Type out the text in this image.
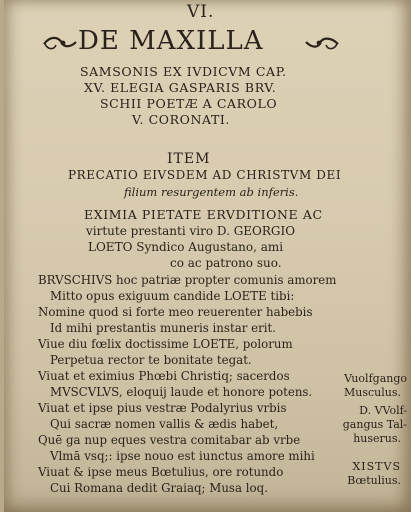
VI.
DE MAXILLA
SAMSONIS EX IVDICVM CAP.
XV. ELEGIA GASPARIS BRV.
SCHII POETÆ A CAROLO
V. CORONATI.
ITEM
PRECATIO EIVSDEM AD CHRISTVM DEI
filium resurgentem ab inferis.
EXIMIA PIETATE ERVDITIONE AC
virtute prestanti viro D. GEORGIO
LOETO Syndico Augustano, ami
co ac patrono suo.
BRVSCHIVS hoc patriæ propter comunis amorem
Mitto opus exiguum candide LOETE tibi:
Nomine quod si forte meo reuerenter habebis
Id mihi prestantis muneris instar erit.
Viue diu fœlix doctissime LOETE, polorum
Perpetua rector te bonitate tegat.
Viuat et eximius Phœbi Christiq; sacerdos
MVSCVLVS, eloquij laude et honore potens.
Viuat et ipse pius vestræ Podalyrius vrbis
Qui sacræ nomen vallis & ædis habet,
Quē ga nup eques vestra comitabar ab vrbe
Vlmā vsq;: ipse nouo est iunctus amore mihi
Viuat & ipse meus Bœtulius, ore rotundo
Cui Romana dedit Graiaq; Musa loq.
Vuolfgango
Musculus.
D. VVolf-
gangus Tal-
huserus.
XISTVS
Bœtulius.
